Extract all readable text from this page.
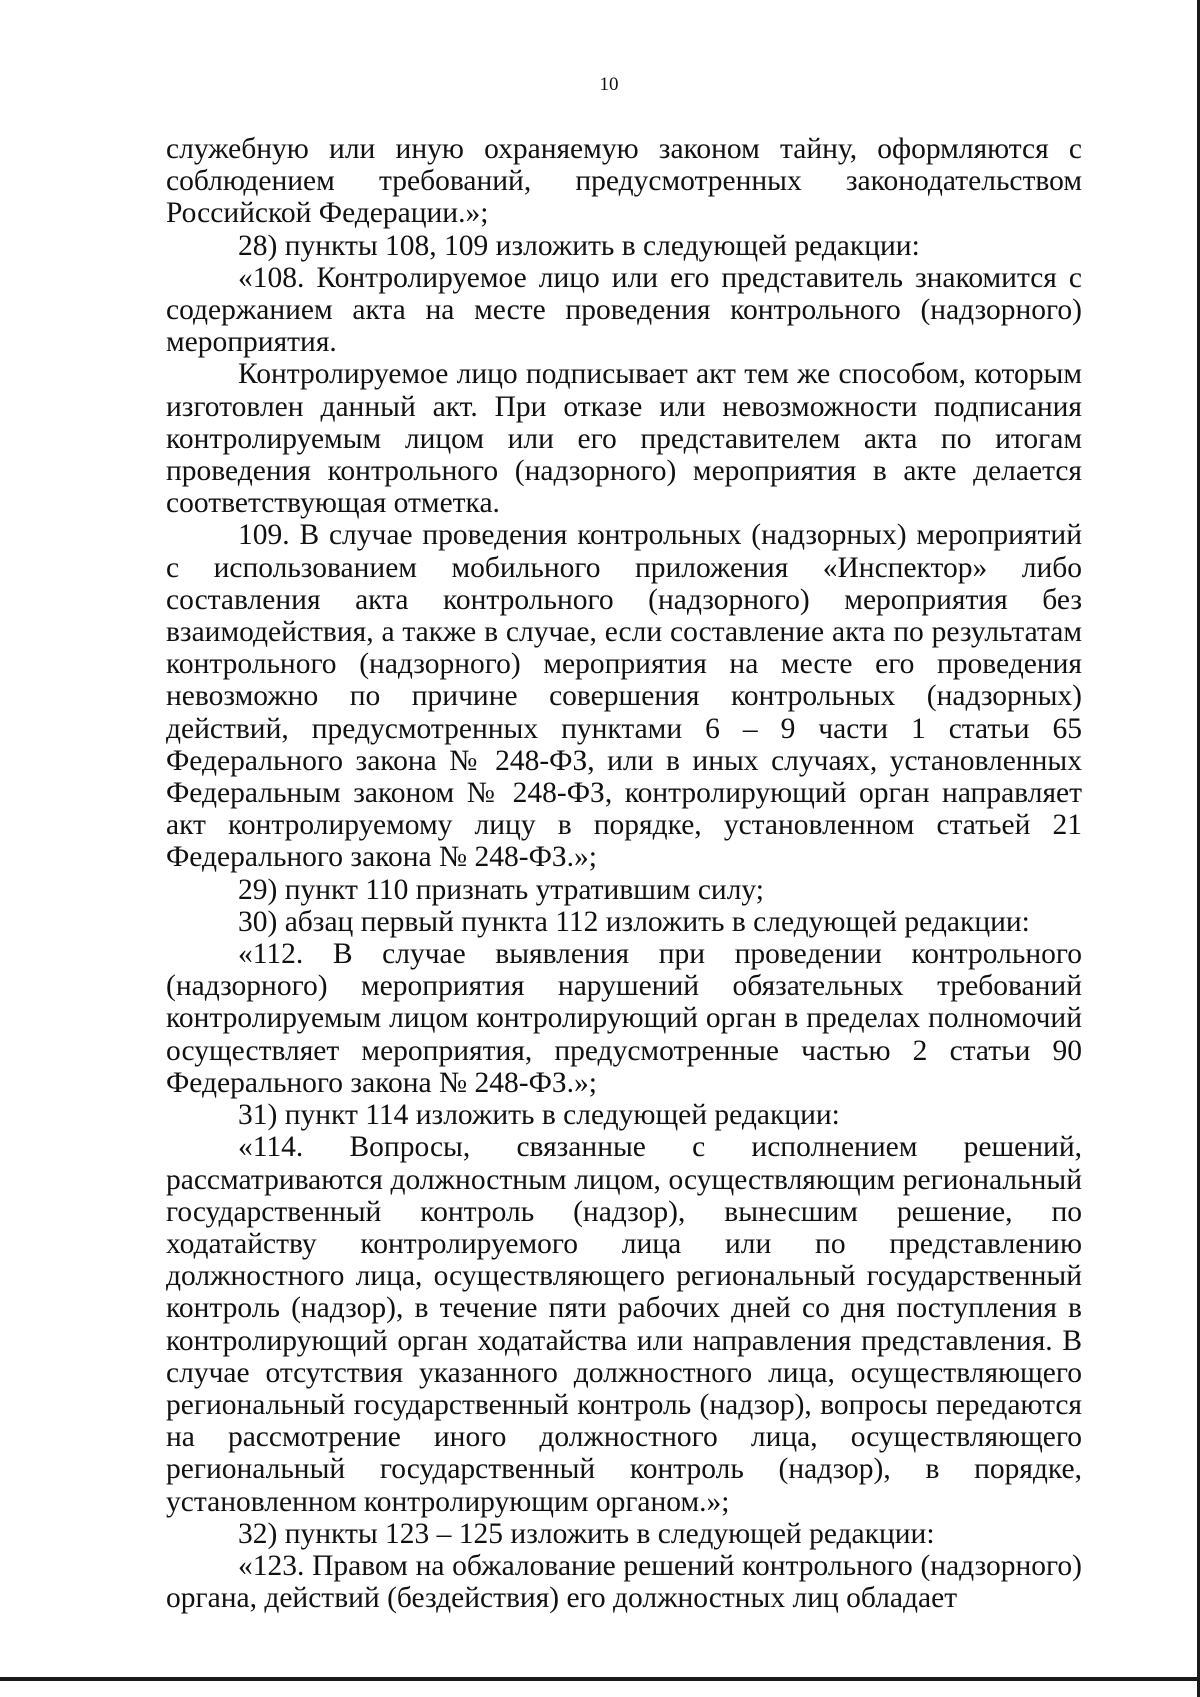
10

служебную или иную охраняемую законом тайну, оформляются с соблюдением требований, предусмотренных законодательством Российской Федерации.»;

28) пункты 108, 109 изложить в следующей редакции:

«108. Контролируемое лицо или его представитель знакомится с содержанием акта на месте проведения контрольного (надзорного) мероприятия.

Контролируемое лицо подписывает акт тем же способом, которым изготовлен данный акт. При отказе или невозможности подписания контролируемым лицом или его представителем акта по итогам проведения контрольного (надзорного) мероприятия в акте делается соответствующая отметка.

109. В случае проведения контрольных (надзорных) мероприятий с использованием мобильного приложения «Инспектор» либо составления акта контрольного (надзорного) мероприятия без взаимодействия, а также в случае, если составление акта по результатам контрольного (надзорного) мероприятия на месте его проведения невозможно по причине совершения контрольных (надзорных) действий, предусмотренных пунктами 6 – 9 части 1 статьи 65 Федерального закона № 248-ФЗ, или в иных случаях, установленных Федеральным законом № 248-ФЗ, контролирующий орган направляет акт контролируемому лицу в порядке, установленном статьей 21 Федерального закона № 248-ФЗ.»;

29) пункт 110 признать утратившим силу;

30) абзац первый пункта 112 изложить в следующей редакции:

«112. В случае выявления при проведении контрольного (надзорного) мероприятия нарушений обязательных требований контролируемым лицом контролирующий орган в пределах полномочий осуществляет мероприятия, предусмотренные частью 2 статьи 90 Федерального закона № 248-ФЗ.»;

31) пункт 114 изложить в следующей редакции:

«114. Вопросы, связанные с исполнением решений, рассматриваются должностным лицом, осуществляющим региональный государственный контроль (надзор), вынесшим решение, по ходатайству контролируемого лица или по представлению должностного лица, осуществляющего региональный государственный контроль (надзор), в течение пяти рабочих дней со дня поступления в контролирующий орган ходатайства или направления представления. В случае отсутствия указанного должностного лица, осуществляющего региональный государственный контроль (надзор), вопросы передаются на рассмотрение иного должностного лица, осуществляющего региональный государственный контроль (надзор), в порядке, установленном контролирующим органом.»;

32) пункты 123 – 125 изложить в следующей редакции:

«123. Правом на обжалование решений контрольного (надзорного) органа, действий (бездействия) его должностных лиц обладает
